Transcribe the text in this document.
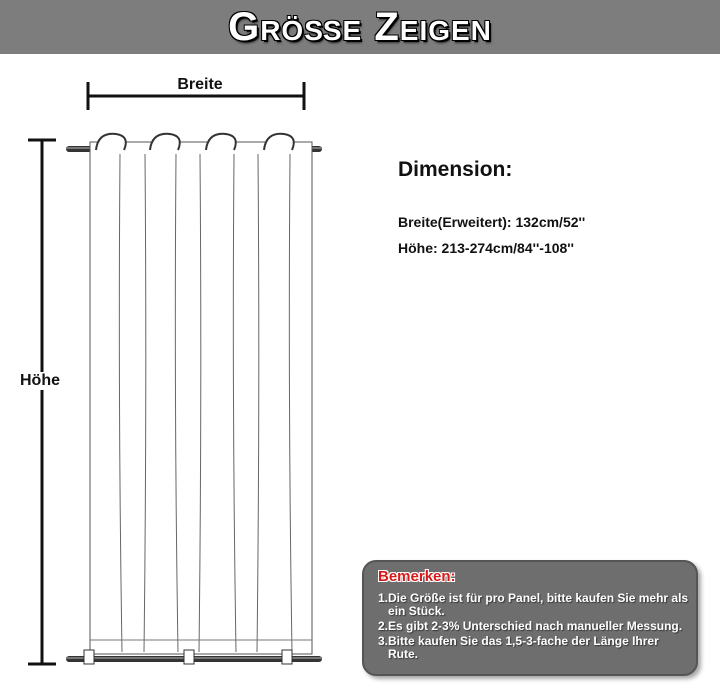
Größe Zeigen
Breite
Höhe
Dimension:
Breite(Erweitert): 132cm/52''
Höhe: 213-274cm/84''-108''
Bemerken:
1. Die Größe ist für pro Panel, bitte kaufen Sie mehr als ein Stück.
2. Es gibt 2-3% Unterschied nach manueller Messung.
3. Bitte kaufen Sie das 1,5-3-fache der Länge Ihrer Rute.
